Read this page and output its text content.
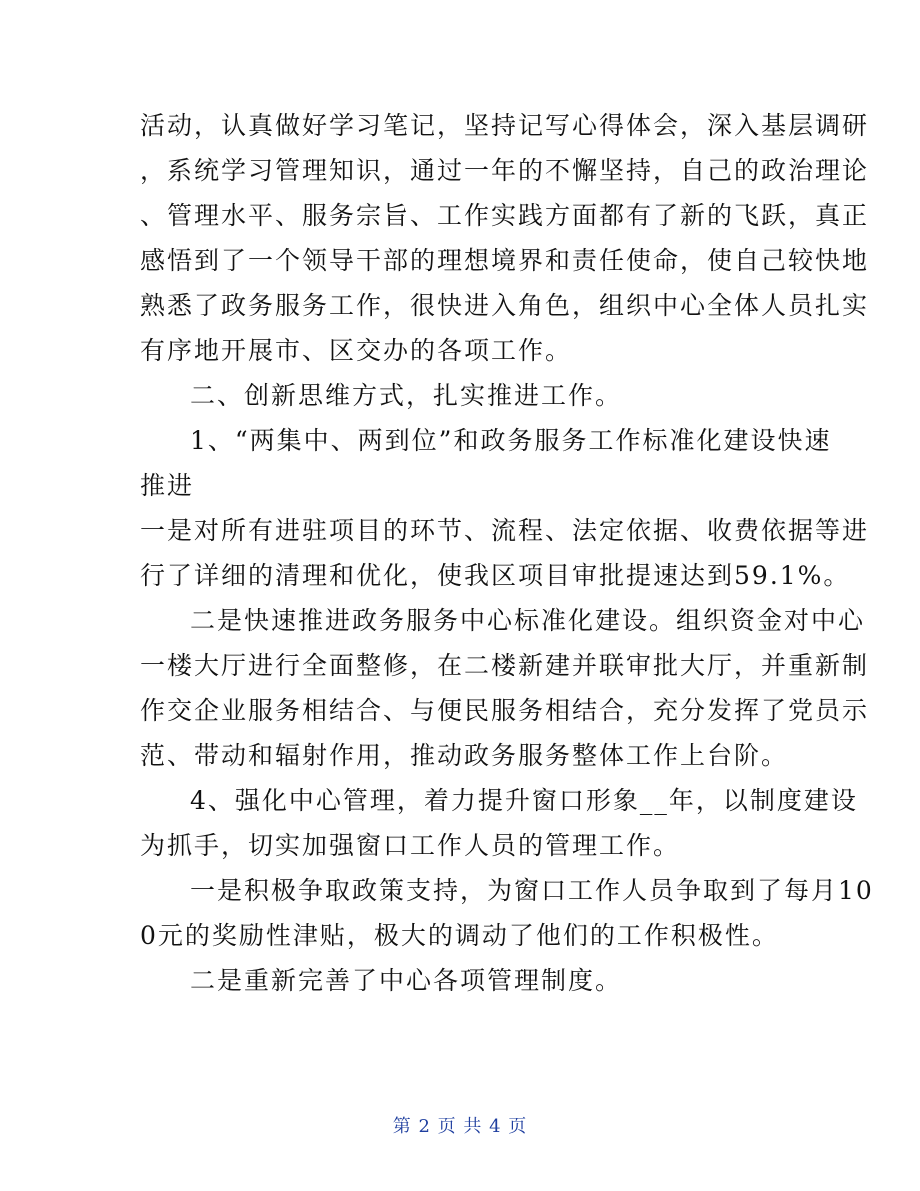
活动，认真做好学习笔记，坚持记写心得体会，深入基层调研
，系统学习管理知识，通过一年的不懈坚持，自己的政治理论
、管理水平、服务宗旨、工作实践方面都有了新的飞跃，真正
感悟到了一个领导干部的理想境界和责任使命，使自己较快地
熟悉了政务服务工作，很快进入角色，组织中心全体人员扎实
有序地开展市、区交办的各项工作。
二、创新思维方式，扎实推进工作。
1、“两集中、两到位”和政务服务工作标准化建设快速
推进
一是对所有进驻项目的环节、流程、法定依据、收费依据等进
行了详细的清理和优化，使我区项目审批提速达到59.1%。
二是快速推进政务服务中心标准化建设。组织资金对中心
一楼大厅进行全面整修，在二楼新建并联审批大厅，并重新制
作交企业服务相结合、与便民服务相结合，充分发挥了党员示
范、带动和辐射作用，推动政务服务整体工作上台阶。
4、强化中心管理，着力提升窗口形象__年，以制度建设
为抓手，切实加强窗口工作人员的管理工作。
一是积极争取政策支持，为窗口工作人员争取到了每月10
0元的奖励性津贴，极大的调动了他们的工作积极性。
二是重新完善了中心各项管理制度。
第 2 页 共 4 页
